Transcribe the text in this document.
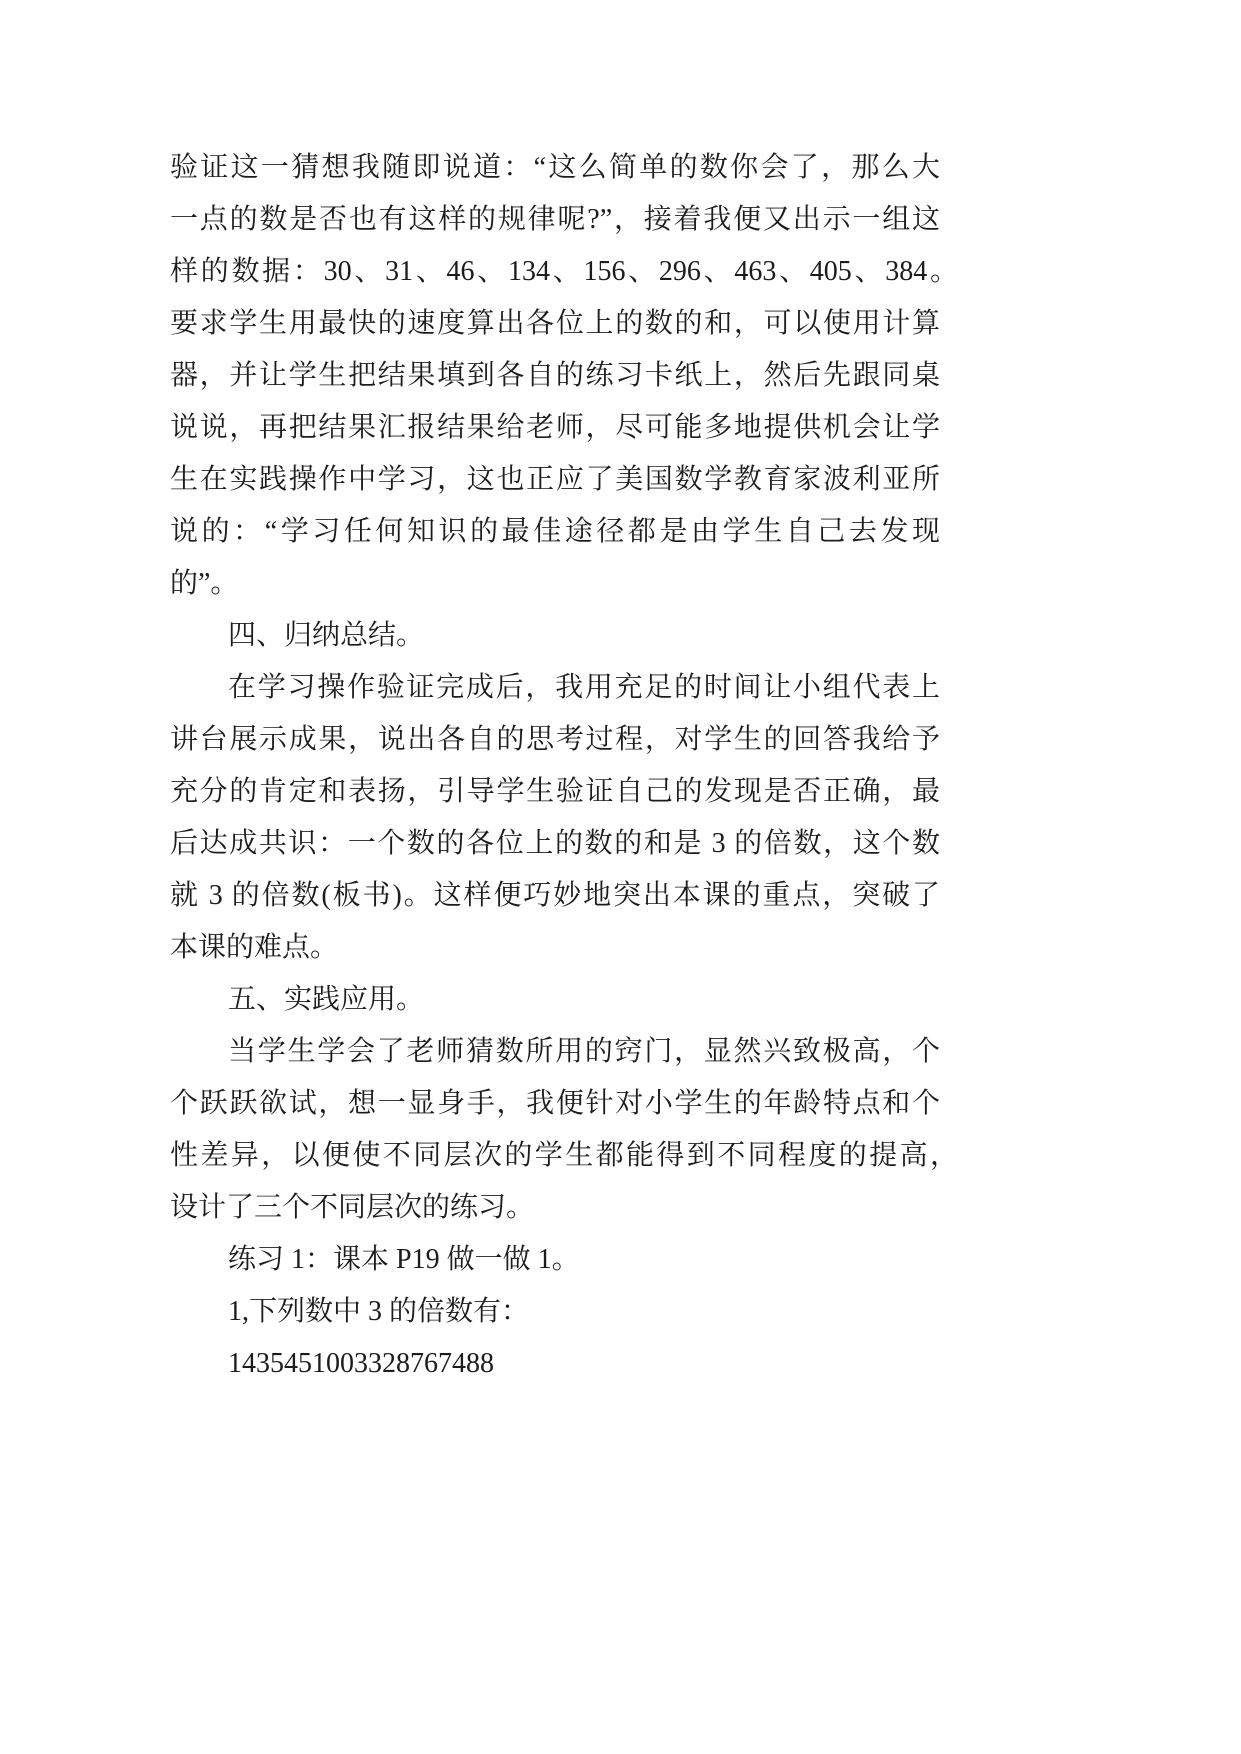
验证这一猜想我随即说道：“这么简单的数你会了，那么大
一点的数是否也有这样的规律呢?”，接着我便又出示一组这
样的数据：30、31、46、134、156、296、463、405、384。
要求学生用最快的速度算出各位上的数的和，可以使用计算
器，并让学生把结果填到各自的练习卡纸上，然后先跟同桌
说说，再把结果汇报结果给老师，尽可能多地提供机会让学
生在实践操作中学习，这也正应了美国数学教育家波利亚所
说的：“学习任何知识的最佳途径都是由学生自己去发现
的”。
四、归纳总结。
在学习操作验证完成后，我用充足的时间让小组代表上
讲台展示成果，说出各自的思考过程，对学生的回答我给予
充分的肯定和表扬，引导学生验证自己的发现是否正确，最
后达成共识：一个数的各位上的数的和是 3 的倍数，这个数
就 3 的倍数(板书)。这样便巧妙地突出本课的重点，突破了
本课的难点。
五、实践应用。
当学生学会了老师猜数所用的窍门，显然兴致极高，个
个跃跃欲试，想一显身手，我便针对小学生的年龄特点和个
性差异，以便使不同层次的学生都能得到不同程度的提高，
设计了三个不同层次的练习。
练习 1：课本 P19 做一做 1。
1,下列数中 3 的倍数有：
1435451003328767488
